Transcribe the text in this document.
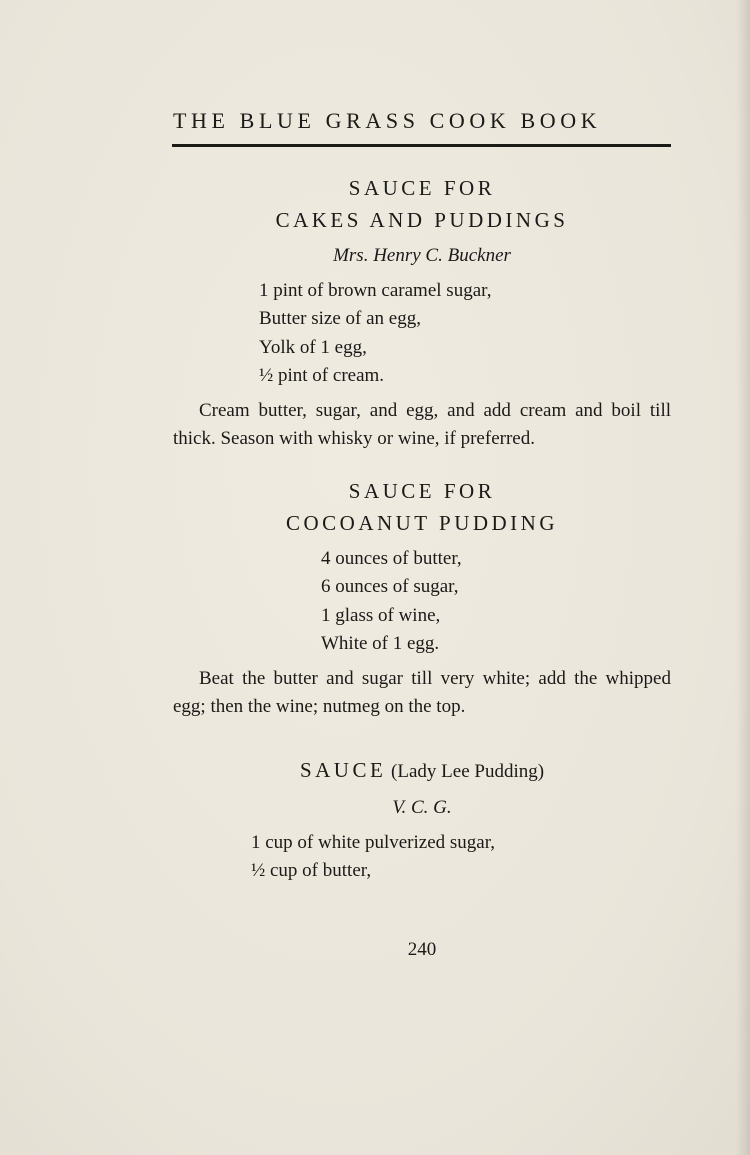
THE BLUE GRASS COOK BOOK
SAUCE FOR
CAKES AND PUDDINGS
Mrs. Henry C. Buckner
1 pint of brown caramel sugar,
Butter size of an egg,
Yolk of 1 egg,
½ pint of cream.
Cream butter, sugar, and egg, and add cream and boil till thick. Season with whisky or wine, if preferred.
SAUCE FOR
COCOANUT PUDDING
4 ounces of butter,
6 ounces of sugar,
1 glass of wine,
White of 1 egg.
Beat the butter and sugar till very white; add the whipped egg; then the wine; nutmeg on the top.
SAUCE (Lady Lee Pudding)
V. C. G.
1 cup of white pulverized sugar,
½ cup of butter,
240
